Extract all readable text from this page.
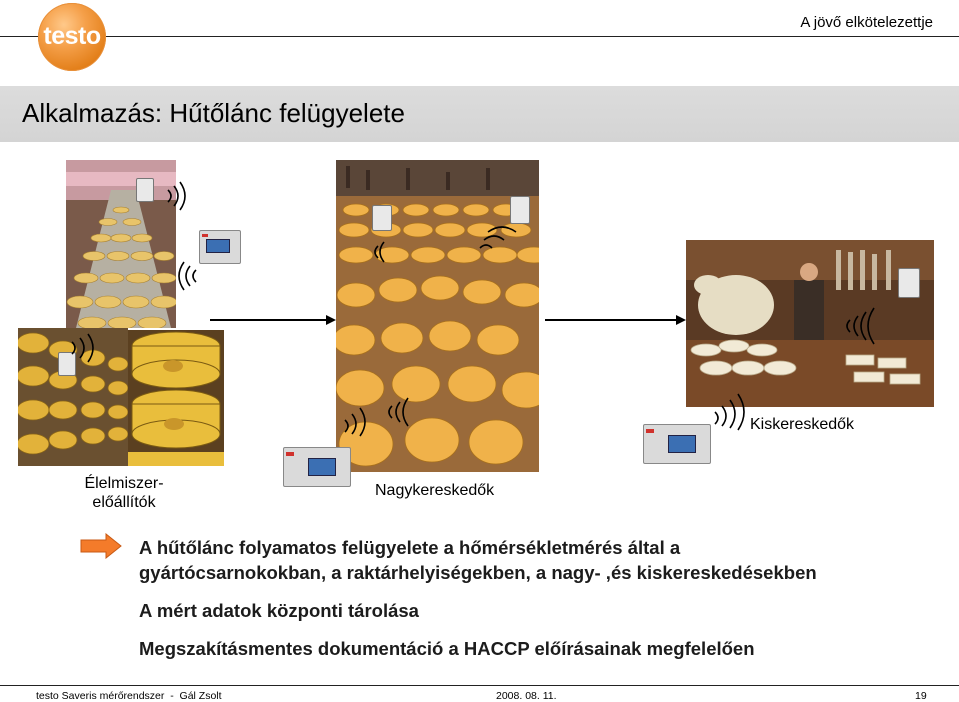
testo	A jövő elkötelezettje
Alkalmazás: Hűtőlánc felügyelete
Élelmiszer-
előállítók
Nagykereskedők
Kiskereskedők
A hűtőlánc folyamatos felügyelete a hőmérsékletmérés által a
gyártócsarnokokban, a raktárhelyiségekben, a nagy- ,és kiskereskedésekben
A mért adatok központi tárolása
Megszakításmentes dokumentáció a HACCP előírásainak megfelelően
testo Saveris mérőrendszer  -  Gál Zsolt	2008. 08. 11.	19
